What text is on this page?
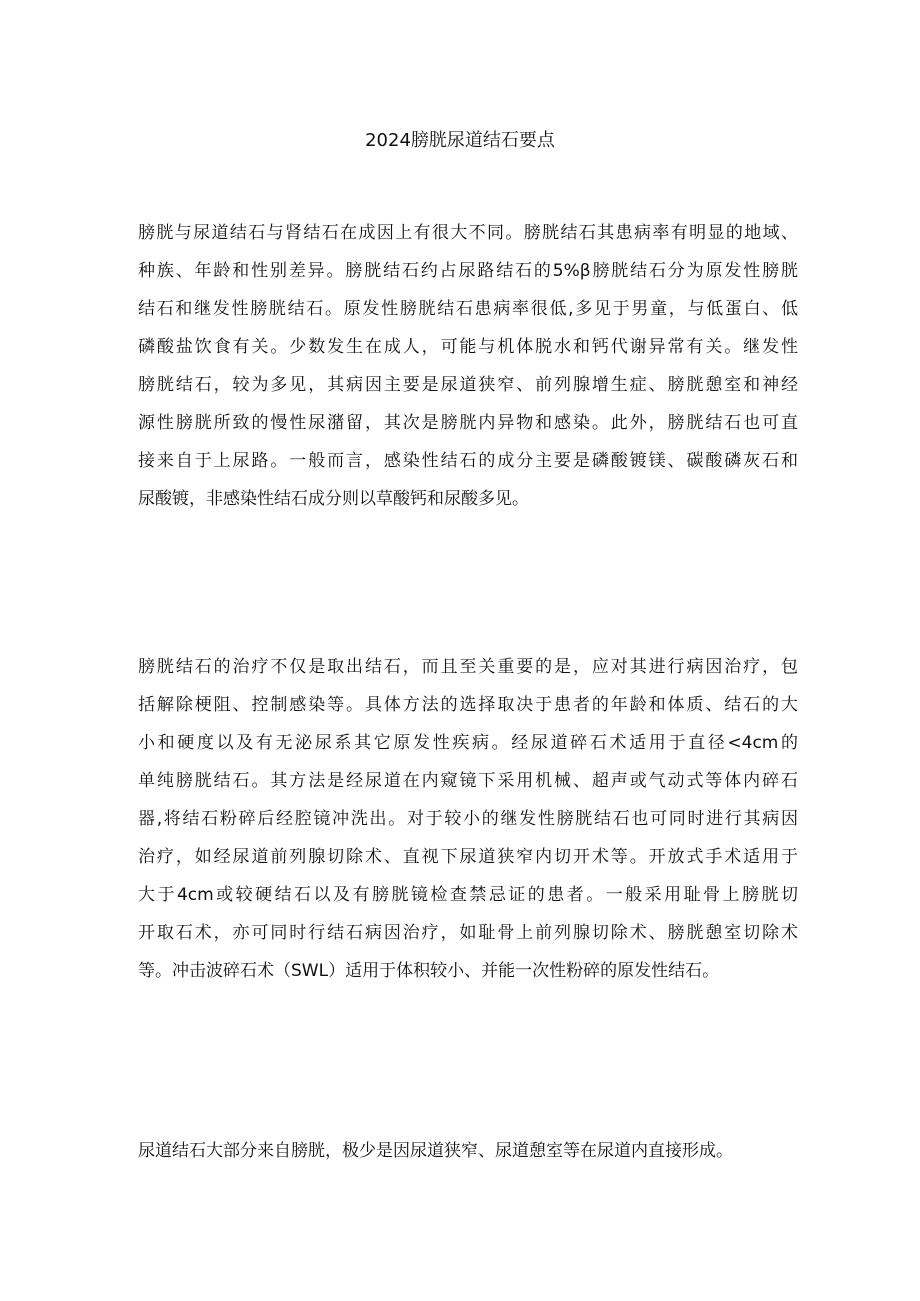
2024膀胱尿道结石要点
膀胱与尿道结石与肾结石在成因上有很大不同。膀胱结石其患病率有明显的地域、
种族、年龄和性别差异。膀胱结石约占尿路结石的5%β膀胱结石分为原发性膀胱
结石和继发性膀胱结石。原发性膀胱结石患病率很低,多见于男童，与低蛋白、低
磷酸盐饮食有关。少数发生在成人，可能与机体脱水和钙代谢异常有关。继发性
膀胱结石，较为多见，其病因主要是尿道狭窄、前列腺增生症、膀胱憩室和神经
源性膀胱所致的慢性尿潴留，其次是膀胱内异物和感染。此外，膀胱结石也可直
接来自于上尿路。一般而言，感染性结石的成分主要是磷酸镀镁、碳酸磷灰石和
尿酸镀，非感染性结石成分则以草酸钙和尿酸多见。
膀胱结石的治疗不仅是取出结石，而且至关重要的是，应对其进行病因治疗，包
括解除梗阻、控制感染等。具体方法的选择取决于患者的年龄和体质、结石的大
小和硬度以及有无泌尿系其它原发性疾病。经尿道碎石术适用于直径<4cm的
单纯膀胱结石。其方法是经尿道在内窥镜下采用机械、超声或气动式等体内碎石
器,将结石粉碎后经腔镜冲洗出。对于较小的继发性膀胱结石也可同时进行其病因
治疗，如经尿道前列腺切除术、直视下尿道狭窄内切开术等。开放式手术适用于
大于4cm或较硬结石以及有膀胱镜检查禁忌证的患者。一般采用耻骨上膀胱切
开取石术，亦可同时行结石病因治疗，如耻骨上前列腺切除术、膀胱憩室切除术
等。冲击波碎石术（SWL）适用于体积较小、并能一次性粉碎的原发性结石。
尿道结石大部分来自膀胱，极少是因尿道狭窄、尿道憩室等在尿道内直接形成。
